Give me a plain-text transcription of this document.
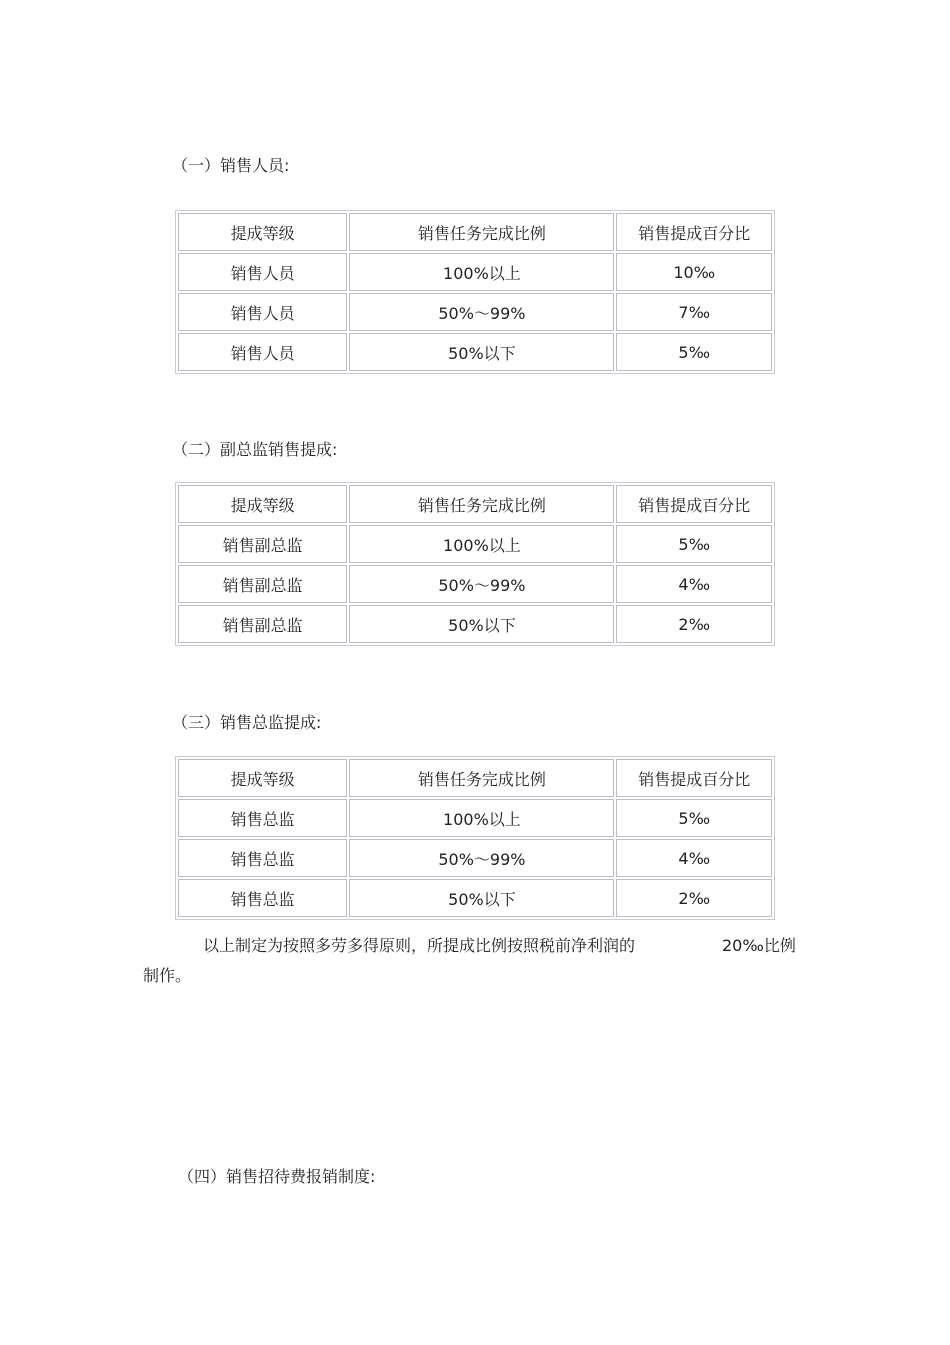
（一）销售人员:
提成等级	销售任务完成比例	销售提成百分比
销售人员	100%以上	10‰
销售人员	50%～99%	7‰
销售人员	50%以下	5‰
（二）副总监销售提成:
提成等级	销售任务完成比例	销售提成百分比
销售副总监	100%以上	5‰
销售副总监	50%～99%	4‰
销售副总监	50%以下	2‰
（三）销售总监提成:
提成等级	销售任务完成比例	销售提成百分比
销售总监	100%以上	5‰
销售总监	50%～99%	4‰
销售总监	50%以下	2‰
以上制定为按照多劳多得原则，所提成比例按照税前净利润的	20‰比例
制作。
（四）销售招待费报销制度:
